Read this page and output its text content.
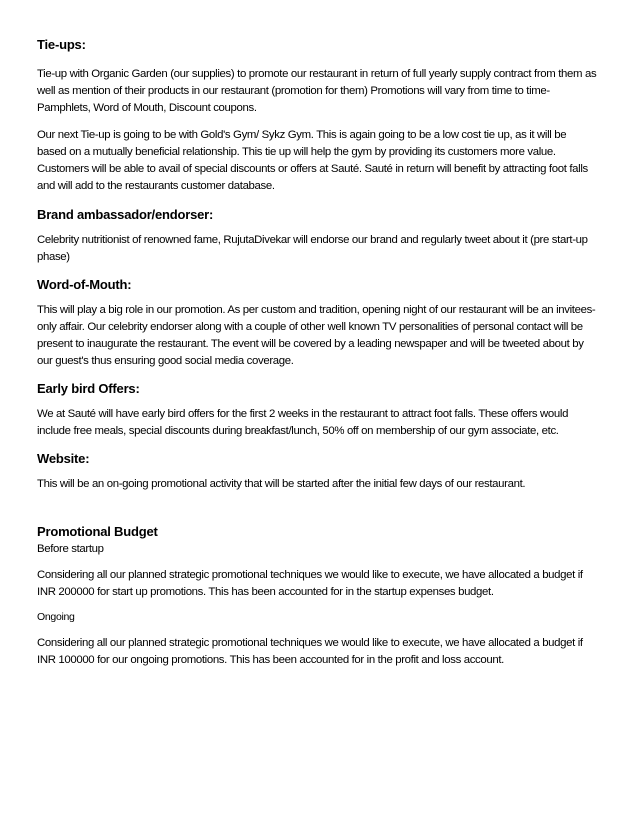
Tie-ups:

Tie-up with Organic Garden (our supplies) to promote our restaurant in return of full yearly supply contract from them as well as mention of their products in our restaurant (promotion for them) Promotions will vary from time to time- Pamphlets, Word of Mouth, Discount coupons.

Our next Tie-up is going to be with Gold's Gym/ Sykz Gym. This is again going to be a low cost tie up, as it will be based on a mutually beneficial relationship. This tie up will help the gym by providing its customers more value. Customers will be able to avail of special discounts or offers at Sauté. Sauté in return will benefit by attracting foot falls and will add to the restaurants customer database.

Brand ambassador/endorser:

Celebrity nutritionist of renowned fame, RujutaDivekar will endorse our brand and regularly tweet about it (pre start-up phase)

Word-of-Mouth:

This will play a big role in our promotion. As per custom and tradition, opening night of our restaurant will be an invitees-only affair. Our celebrity endorser along with a couple of other well known TV personalities of personal contact will be present to inaugurate the restaurant. The event will be covered by a leading newspaper and will be tweeted about by our guest's thus ensuring good social media coverage.

Early bird Offers:

We at Sauté will have early bird offers for the first 2 weeks in the restaurant to attract foot falls. These offers would include free meals, special discounts during breakfast/lunch, 50% off on membership of our gym associate, etc.

Website:

This will be an on-going promotional activity that will be started after the initial few days of our restaurant.

Promotional Budget

Before startup

Considering all our planned strategic promotional techniques we would like to execute, we have allocated a budget if INR 200000 for start up promotions. This has been accounted for in the startup expenses budget.

Ongoing

Considering all our planned strategic promotional techniques we would like to execute, we have allocated a budget if INR 100000 for our ongoing promotions. This has been accounted for in the profit and loss account.
